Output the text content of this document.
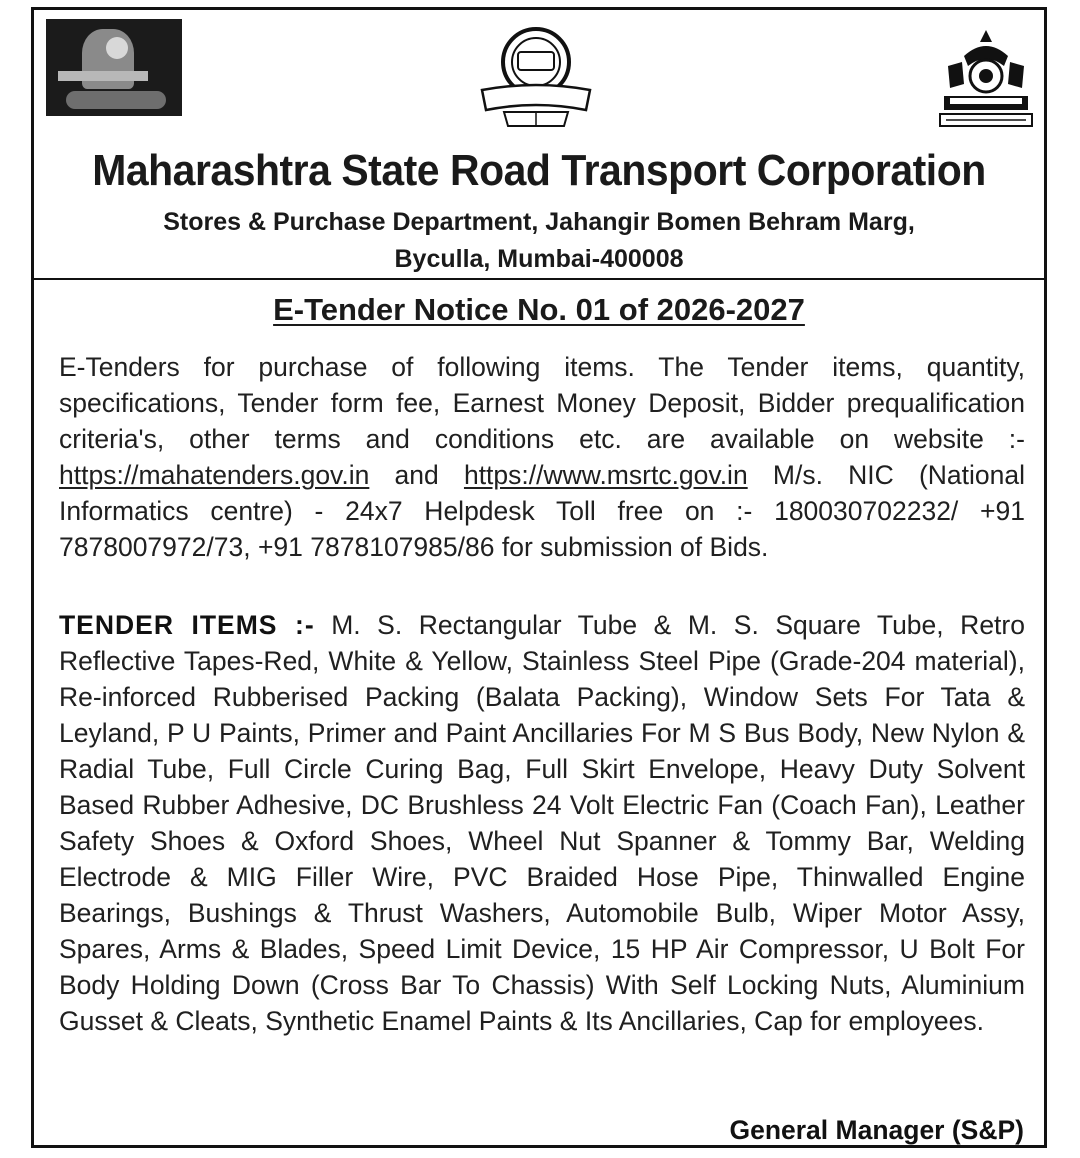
Maharashtra State Road Transport Corporation
Stores & Purchase Department, Jahangir Bomen Behram Marg,
Byculla, Mumbai-400008
E-Tender Notice No. 01 of 2026-2027
E-Tenders for purchase of following items. The Tender items, quantity, specifications, Tender form fee, Earnest Money Deposit, Bidder prequalification criteria's, other terms and conditions etc. are available on website :- https://mahatenders.gov.in and https://www.msrtc.gov.in M/s. NIC (National Informatics centre) - 24x7 Helpdesk Toll free on :- 180030702232/ +91 7878007972/73, +91 7878107985/86 for submission of Bids.
TENDER ITEMS :- M. S. Rectangular Tube & M. S. Square Tube, Retro Reflective Tapes-Red, White & Yellow, Stainless Steel Pipe (Grade-204 material), Re-inforced Rubberised Packing (Balata Packing), Window Sets For Tata & Leyland, P U Paints, Primer and Paint Ancillaries For M S Bus Body, New Nylon & Radial Tube, Full Circle Curing Bag, Full Skirt Envelope, Heavy Duty Solvent Based Rubber Adhesive, DC Brushless 24 Volt Electric Fan (Coach Fan), Leather Safety Shoes & Oxford Shoes, Wheel Nut Spanner & Tommy Bar, Welding Electrode & MIG Filler Wire, PVC Braided Hose Pipe, Thinwalled Engine Bearings, Bushings & Thrust Washers, Automobile Bulb, Wiper Motor Assy, Spares, Arms & Blades, Speed Limit Device, 15 HP Air Compressor, U Bolt For Body Holding Down (Cross Bar To Chassis) With Self Locking Nuts, Aluminium Gusset & Cleats, Synthetic Enamel Paints & Its Ancillaries, Cap for employees.
General Manager (S&P)
